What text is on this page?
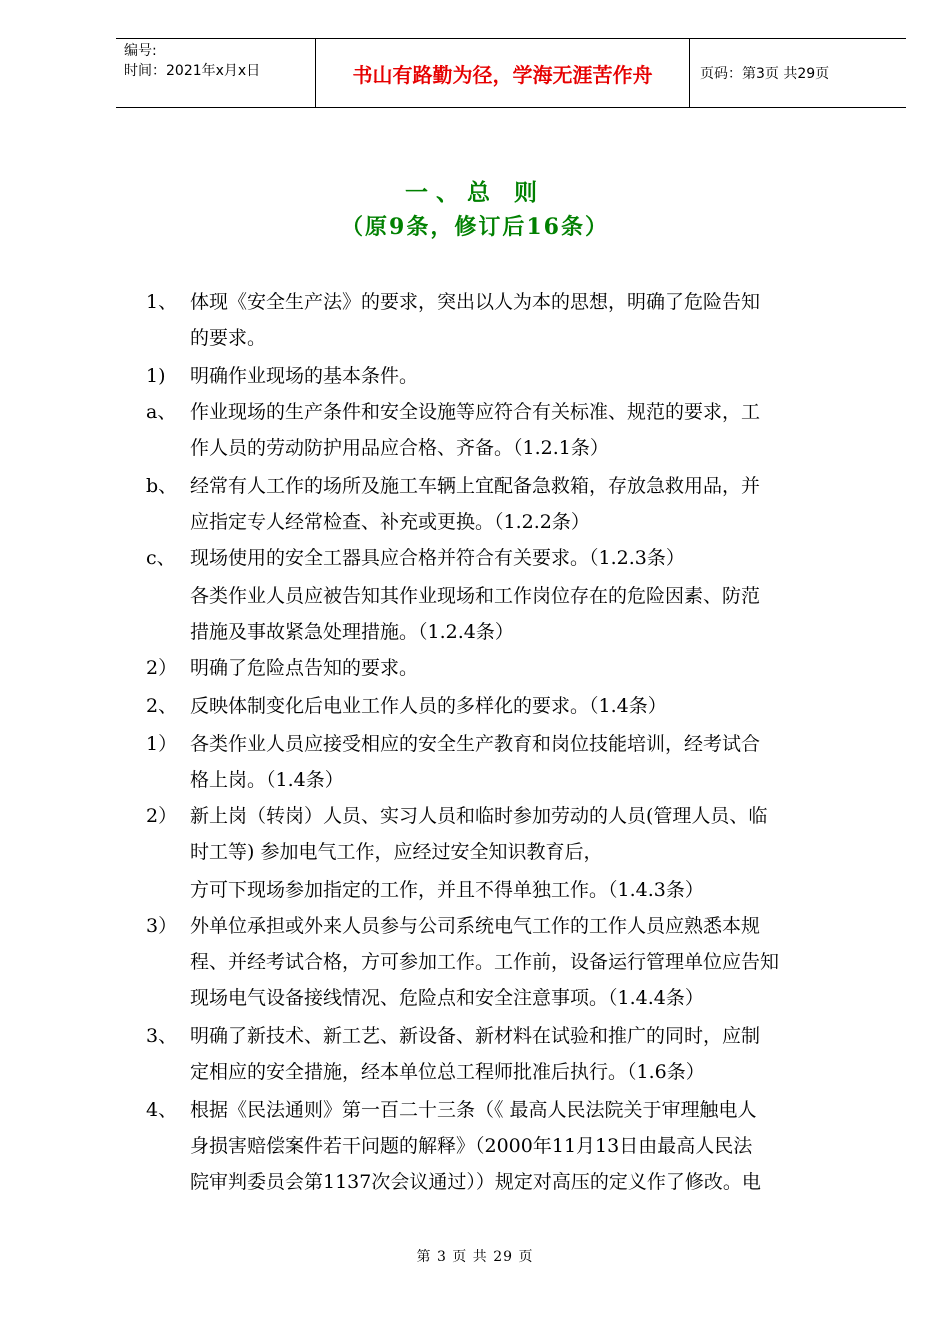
编号:
时间：2021年x月x日	书山有路勤为径，学海无涯苦作舟	页码：第3页 共29页
一、总 则
（原9条，修订后16条）
1、 体现《安全生产法》的要求，突出以人为本的思想，明确了危险告知
的要求。
1) 明确作业现场的基本条件。
a、 作业现场的生产条件和安全设施等应符合有关标准、规范的要求，工
作人员的劳动防护用品应合格、齐备。（1.2.1条）
b、 经常有人工作的场所及施工车辆上宜配备急救箱，存放急救用品，并
应指定专人经常检查、补充或更换。（1.2.2条）
c、 现场使用的安全工器具应合格并符合有关要求。（1.2.3条）
各类作业人员应被告知其作业现场和工作岗位存在的危险因素、防范
措施及事故紧急处理措施。（1.2.4条）
2） 明确了危险点告知的要求。
2、 反映体制变化后电业工作人员的多样化的要求。（1.4条）
1） 各类作业人员应接受相应的安全生产教育和岗位技能培训，经考试合
格上岗。（1.4条）
2） 新上岗（转岗）人员、实习人员和临时参加劳动的人员(管理人员、临
时工等) 参加电气工作，应经过安全知识教育后，
方可下现场参加指定的工作，并且不得单独工作。（1.4.3条）
3） 外单位承担或外来人员参与公司系统电气工作的工作人员应熟悉本规
程、并经考试合格，方可参加工作。工作前，设备运行管理单位应告知
现场电气设备接线情况、危险点和安全注意事项。（1.4.4条）
3、 明确了新技术、新工艺、新设备、新材料在试验和推广的同时，应制
定相应的安全措施，经本单位总工程师批准后执行。（1.6条）
4、 根据《民法通则》第一百二十三条（《 最高人民法院关于审理触电人
身损害赔偿案件若干问题的解释》（2000年11月13日由最高人民法
院审判委员会第1137次会议通过））规定对高压的定义作了修改。电
第 3 页 共 29 页
